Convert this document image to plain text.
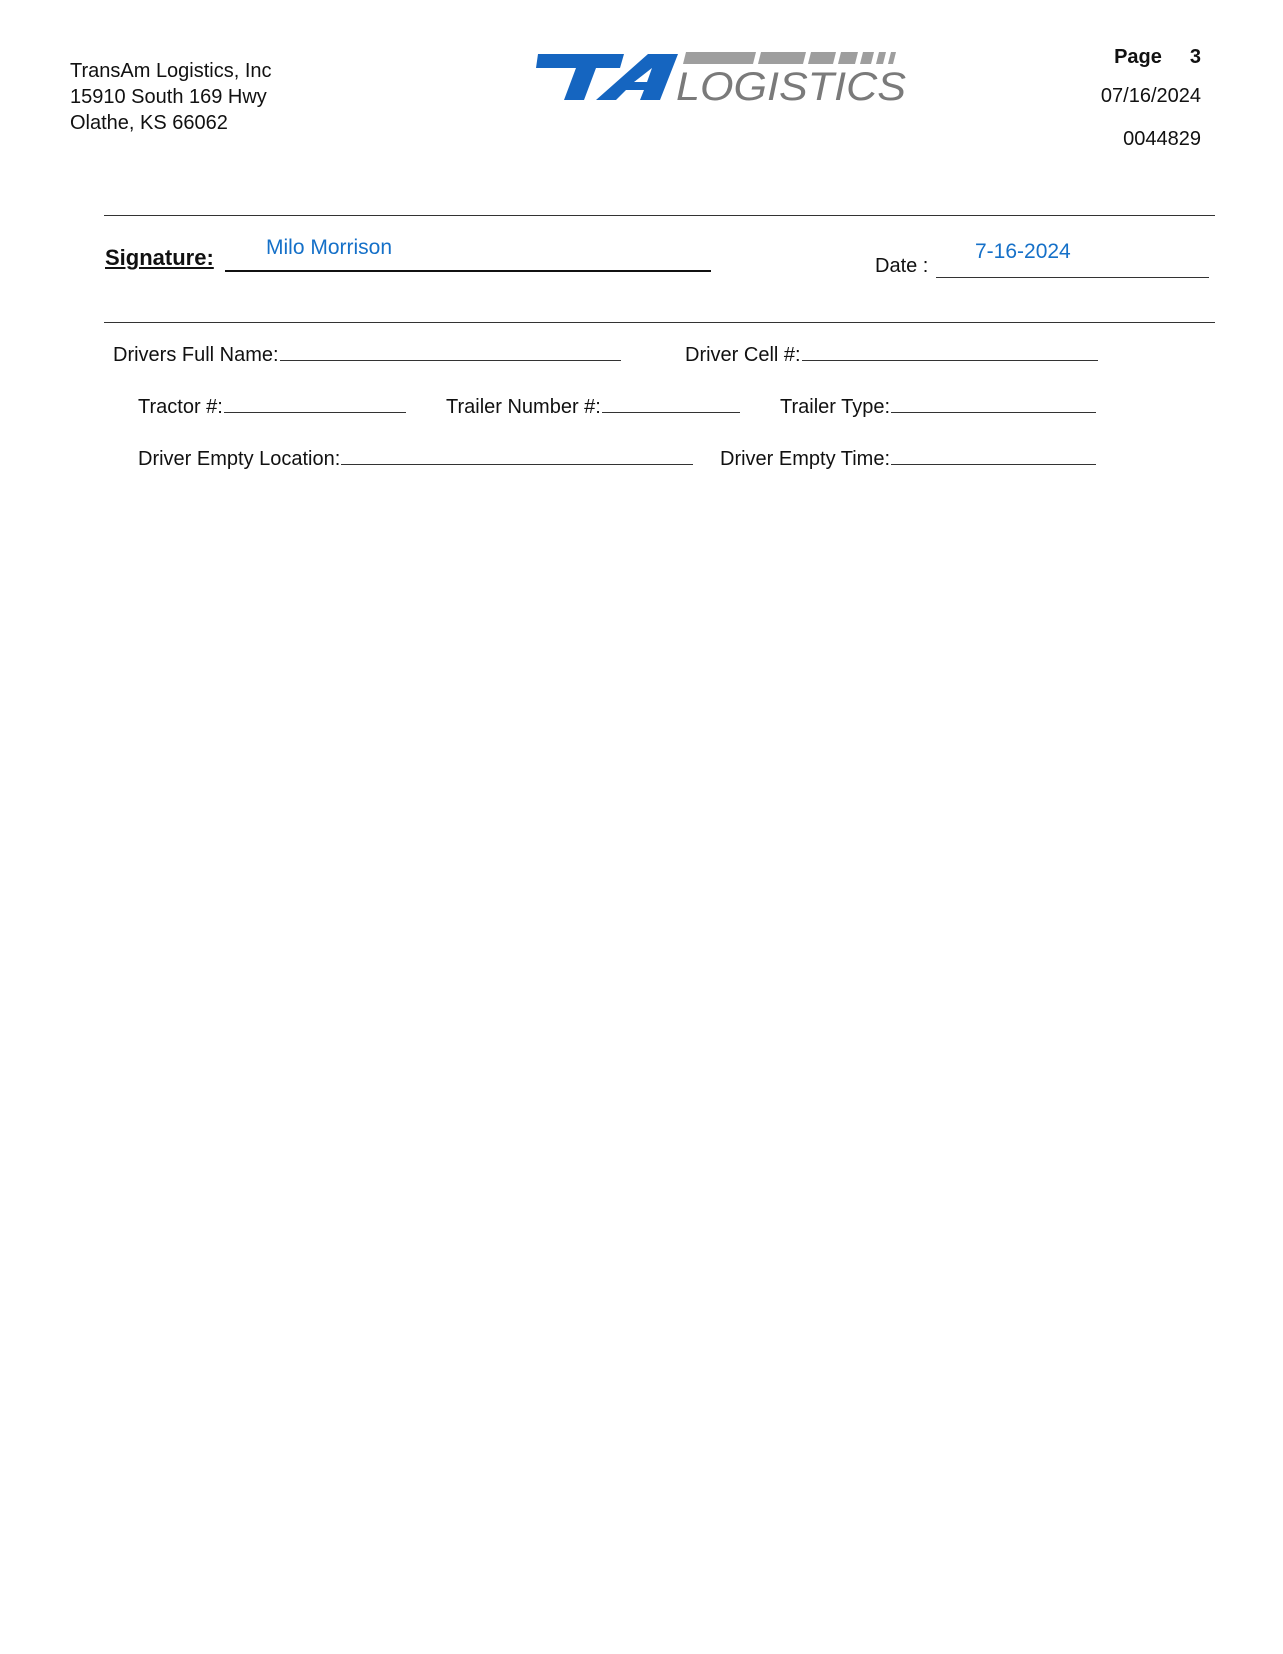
TransAm Logistics, Inc
15910 South 169 Hwy
Olathe, KS 66062
LOGISTICS
Page 3
07/16/2024
0044829
Signature: Milo Morrison
Date :
7-16-2024
Drivers Full Name:	Driver Cell #:
Tractor #:	Trailer Number #:	Trailer Type:
Driver Empty Location:	Driver Empty Time:
